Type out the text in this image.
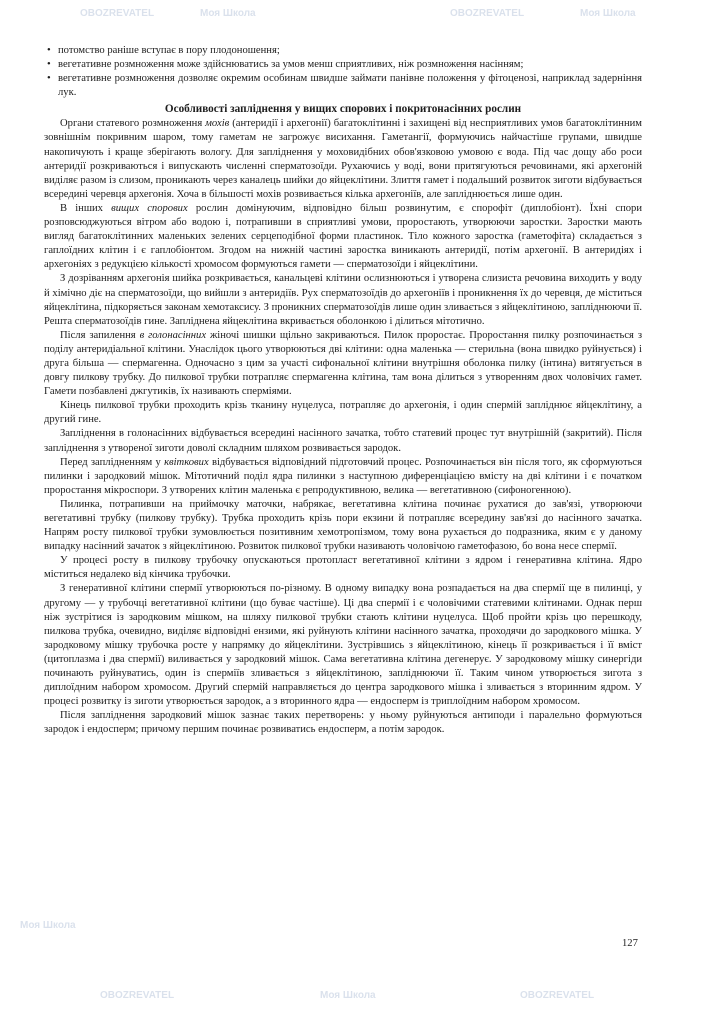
OBOZREVATEL	Моя Школа	OBOZREVATEL	Моя Школа
Моя Школа
OBOZREVATEL	Моя Школа	OBOZREVATEL
• потомство раніше вступає в пору плодоношення;
• вегетативне розмноження може здійснюватись за умов менш сприятливих, ніж розмноження насінням;
• вегетативне розмноження дозволяє окремим особинам швидше займати панівне положення у фітоценозі, наприклад задерніння лук.
Особливості запліднення у вищих спорових і покритонасінних рослин

Органи статевого розмноження мохів (антеридії і архегонії) багатоклітинні і захищені від несприятливих умов багатоклітинним зовнішнім покривним шаром, тому гаметам не загрожує висихання. Гаметангії, формуючись найчастіше групами, швидше накопичують і краще зберігають вологу. Для запліднення у моховидібних обов'язковою умовою є вода. Під час дощу або роси антеридії розкриваються і випускають численні сперматозоїди. Рухаючись у воді, вони притягуються речовинами, які архегоній виділяє разом із слизом, проникають через каналець шийки до яйцеклітини. Злиття гамет і подальший розвиток зиготи відбувається всередині черевця архегонія. Хоча в більшості мохів розвивається кілька архегоніїв, але запліднюється лише один.

В інших вищих спорових рослин домінуючим, відповідно більш розвинутим, є спорофіт (диплобіонт). Їхні спори розповсюджуються вітром або водою і, потрапивши в сприятливі умови, проростають, утворюючи заростки. Заростки мають вигляд багатоклітинних маленьких зелених серцеподібної форми пластинок. Тіло кожного заростка (гаметофіта) складається з гаплоїдних клітин і є гаплобіонтом. Згодом на нижній частині заростка виникають антеридії, потім архегонії. В антеридіях і архегоніях з редукцією кількості хромосом формуються гамети — сперматозоїди і яйцеклітини.

З дозріванням архегонія шийка розкривається, канальцеві клітини ослизнюються і утворена слизиста речовина виходить у воду й хімічно діє на сперматозоїди, що вийшли з антеридіїв. Рух сперматозоїдів до архегоніїв і проникнення їх до черевця, де міститься яйцеклітина, підкоряється законам хемотаксису. З проникних сперматозоїдів лише один зливається з яйцеклітиною, запліднюючи її. Решта сперматозоїдів гине. Запліднена яйцеклітина вкривається оболонкою і ділиться мітотично.

Після запилення в голонасінних жіночі шишки щільно закриваються. Пилок проростає. Проростання пилку розпочинається з поділу антеридіальної клітини. Унаслідок цього утворюються дві клітини: одна маленька — стерильна (вона швидко руйнується) і друга більша — спермагенна. Одночасно з цим за участі сифональної клітини внутрішня оболонка пилку (інтина) витягується в довгу пилкову трубку. До пилкової трубки потрапляє спермагенна клітина, там вона ділиться з утворенням двох чоловічих гамет. Гамети позбавлені джгутиків, їх називають сперміями.

Кінець пилкової трубки проходить крізь тканину нуцелуса, потрапляє до архегонія, і один спермій запліднює яйцеклітину, а другий гине.

Запліднення в голонасінних відбувається всередині насінного зачатка, тобто статевий процес тут внутрішній (закритий). Після запліднення з утвореної зиготи доволі складним шляхом розвивається зародок.

Перед заплідненням у квіткових відбувається відповідний підготовчий процес. Розпочинається він після того, як сформуються пилинки і зародковий мішок. Мітотичний поділ ядра пилинки з наступною диференціацією вмісту на дві клітини і є початком проростання мікроспори. З утворених клітин маленька є репродуктивною, велика — вегетативною (сифоногенною).

Пилинка, потрапивши на приймочку маточки, набрякає, вегетативна клітина починає рухатися до зав'язі, утворюючи вегетативні трубку (пилкову трубку). Трубка проходить крізь пори екзини й потрапляє всередину зав'язі до насінного зачатка. Напрям росту пилкової трубки зумовлюється позитивним хемотропізмом, тому вона рухається до подразника, яким є у даному випадку насінний зачаток з яйцеклітиною. Розвиток пилкової трубки називають чоловічою гаметофазою, бо вона несе спермії.

У процесі росту в пилкову трубочку опускаються протопласт вегетативної клітини з ядром і генеративна клітина. Ядро міститься недалеко від кінчика трубочки.

З генеративної клітини спермії утворюються по-різному. В одному випадку вона розпадається на два спермії ще в пилинці, у другому — у трубочці вегетативної клітини (що буває частіше). Ці два спермії і є чоловічими статевими клітинами. Однак перш ніж зустрітися із зародковим мішком, на шляху пилкової трубки стають клітини нуцелуса. Щоб пройти крізь цю перешкоду, пилкова трубка, очевидно, виділяє відповідні ензими, які руйнують клітини насінного зачатка, проходячи до зародкового мішка. У зародковому мішку трубочка росте у напрямку до яйцеклітини. Зустрівшись з яйцеклітиною, кінець її розкривається і її вміст (цитоплазма і два спермії) виливається у зародковий мішок. Сама вегетативна клітина дегенерує. У зародковому мішку синергіди починають руйнуватись, один із сперміїв зливається з яйцеклітиною, запліднюючи її. Таким чином утворюється зигота з диплоїдним набором хромосом. Другий спермій направляється до центра зародкового мішка і зливається з вторинним ядром. У процесі розвитку із зиготи утворюється зародок, а з вторинного ядра — ендосперм із триплоїдним набором хромосом.

Після запліднення зародковий мішок зазнає таких перетворень: у ньому руйнуються антиподи і паралельно формуються зародок і ендосперм; причому першим починає розвиватись ендосперм, а потім зародок.

127
